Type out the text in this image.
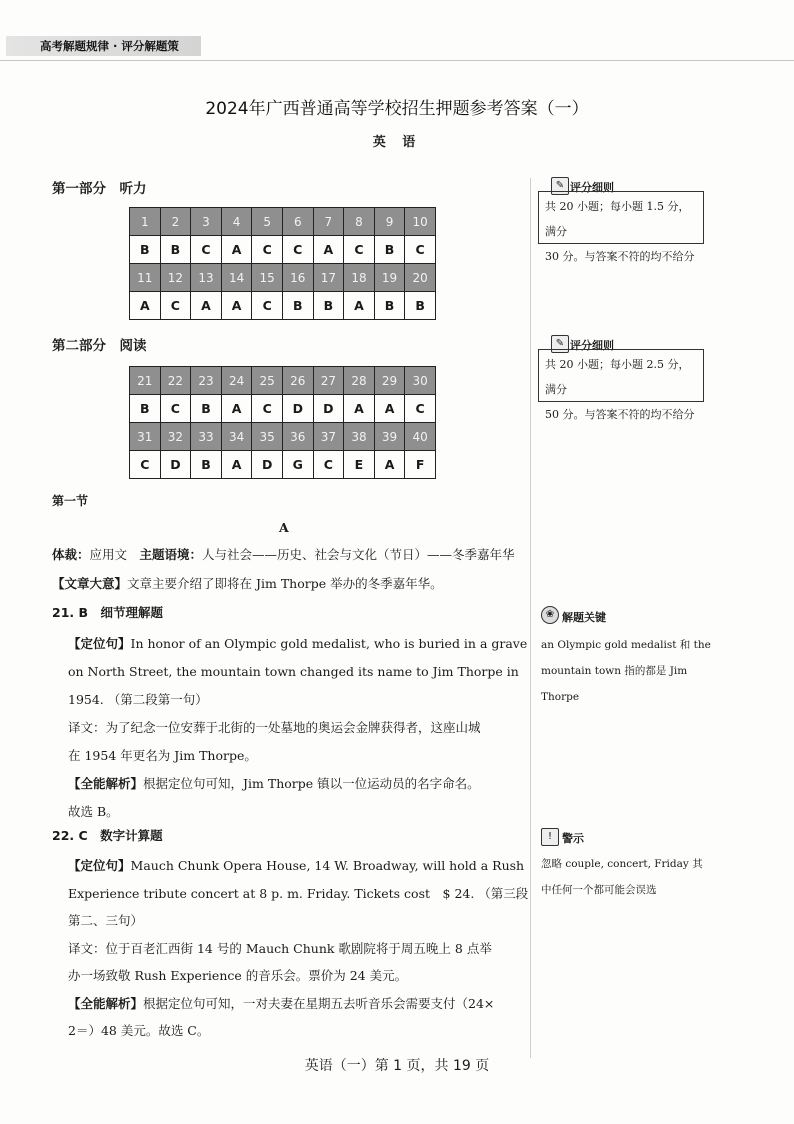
高考解题规律 · 评分解题策
2024年广西普通高等学校招生押题参考答案（一）
英 语
第一部分　听力
1	2	3	4	5	6	7	8	9	10
B	B	C	A	C	C	A	C	B	C
11	12	13	14	15	16	17	18	19	20
A	C	A	A	C	B	B	A	B	B
✎ 评分细则
共 20 小题；每小题 1.5 分，满分
30 分。与答案不符的均不给分
第二部分　阅读
21	22	23	24	25	26	27	28	29	30
B	C	B	A	C	D	D	A	A	C
31	32	33	34	35	36	37	38	39	40
C	D	B	A	D	G	C	E	A	F
✎ 评分细则
共 20 小题；每小题 2.5 分，满分
50 分。与答案不符的均不给分
第一节
A
体裁：应用文　主题语境：人与社会——历史、社会与文化（节日）——冬季嘉年华
【文章大意】文章主要介绍了即将在 Jim Thorpe 举办的冬季嘉年华。
21. B　细节理解题
【定位句】In honor of an Olympic gold medalist, who is buried in a grave
on North Street, the mountain town changed its name to Jim Thorpe in
1954. （第二段第一句）
译文：为了纪念一位安葬于北街的一处墓地的奥运会金牌获得者，这座山城
在 1954 年更名为 Jim Thorpe。
【全能解析】根据定位句可知，Jim Thorpe 镇以一位运动员的名字命名。
故选 B。
❀ 解题关键
an Olympic gold medalist 和 the
mountain town 指的都是 Jim
Thorpe
22. C　数字计算题
【定位句】Mauch Chunk Opera House, 14 W. Broadway, will hold a Rush
Experience tribute concert at 8 p. m. Friday. Tickets cost　$ 24. （第三段
第二、三句）
译文：位于百老汇西街 14 号的 Mauch Chunk 歌剧院将于周五晚上 8 点举
办一场致敬 Rush Experience 的音乐会。票价为 24 美元。
【全能解析】根据定位句可知，一对夫妻在星期五去听音乐会需要支付（24×
2＝）48 美元。故选 C。
! 警示
忽略 couple, concert, Friday 其
中任何一个都可能会误选
英语（一）第 1 页，共 19 页
